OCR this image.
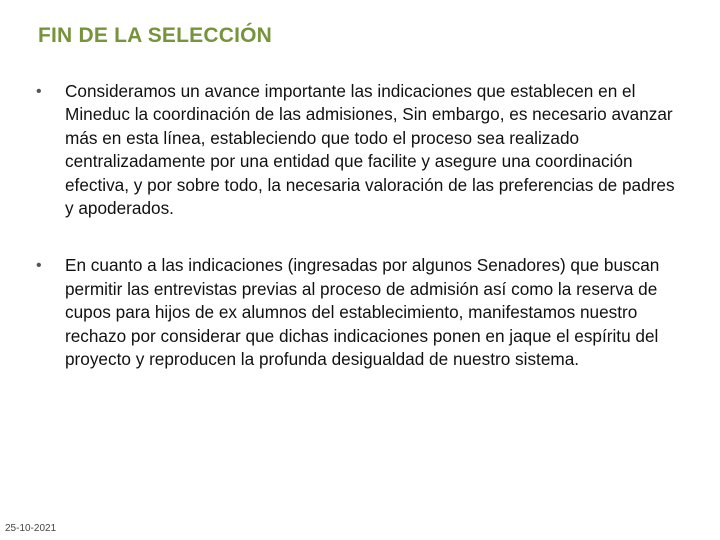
FIN DE LA SELECCIÓN
•	Consideramos un avance importante las indicaciones que establecen en el Mineduc la coordinación de las admisiones, Sin embargo, es necesario avanzar más en esta línea, estableciendo que todo el proceso sea realizado centralizadamente por una entidad que facilite y asegure una coordinación efectiva, y por sobre todo, la necesaria valoración de las preferencias de padres y apoderados.
•	En cuanto a las indicaciones (ingresadas por algunos Senadores) que buscan permitir las entrevistas previas al proceso de admisión así como la reserva de cupos para hijos de ex alumnos del establecimiento, manifestamos nuestro rechazo por considerar que dichas indicaciones ponen en jaque el espíritu del proyecto y reproducen la profunda desigualdad de nuestro sistema.
25-10-2021
